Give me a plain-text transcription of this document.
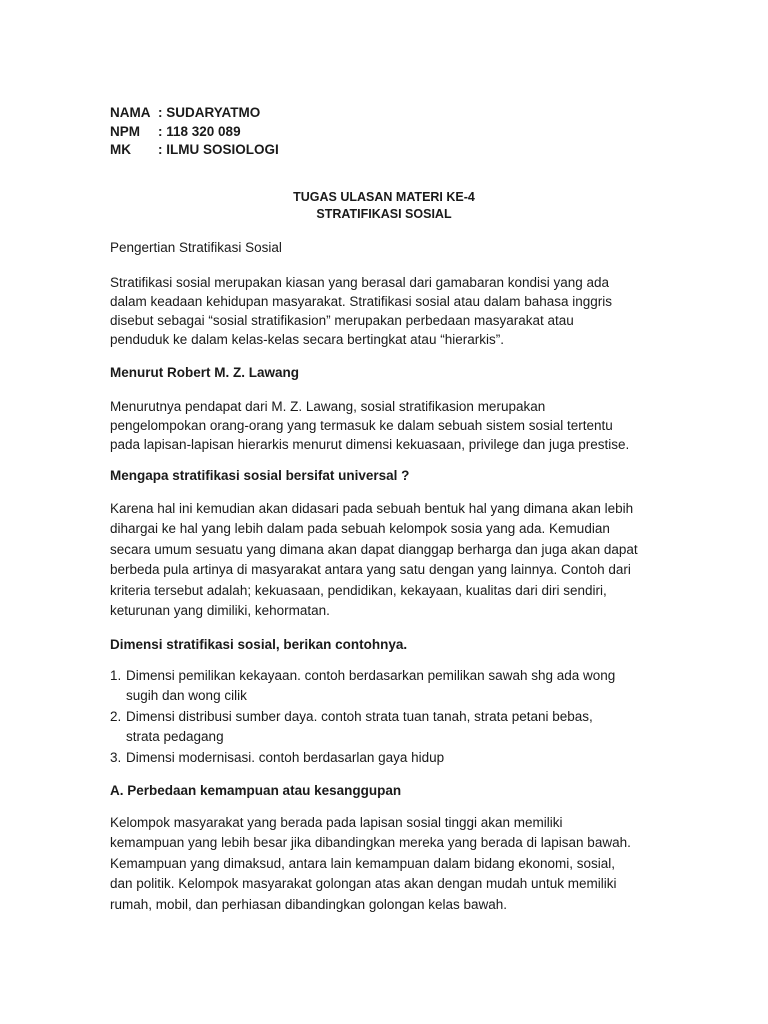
NAMA : SUDARYATMO
NPM : 118 320 089
MK : ILMU SOSIOLOGI
TUGAS ULASAN MATERI KE-4
STRATIFIKASI SOSIAL
Pengertian Stratifikasi Sosial
Stratifikasi sosial merupakan kiasan yang berasal dari gamabaran kondisi yang ada
dalam keadaan kehidupan masyarakat. Stratifikasi sosial atau dalam bahasa inggris
disebut sebagai “sosial stratifikasion” merupakan perbedaan masyarakat atau
penduduk ke dalam kelas-kelas secara bertingkat atau “hierarkis”.
Menurut Robert M. Z. Lawang
Menurutnya pendapat dari M. Z. Lawang, sosial stratifikasion merupakan
pengelompokan orang-orang yang termasuk ke dalam sebuah sistem sosial tertentu
pada lapisan-lapisan hierarkis menurut dimensi kekuasaan, privilege dan juga prestise.
Mengapa stratifikasi sosial bersifat universal ?
Karena hal ini kemudian akan didasari pada sebuah bentuk hal yang dimana akan lebih
dihargai ke hal yang lebih dalam pada sebuah kelompok sosia yang ada. Kemudian
secara umum sesuatu yang dimana akan dapat dianggap berharga dan juga akan dapat
berbeda pula artinya di masyarakat antara yang satu dengan yang lainnya. Contoh dari
kriteria tersebut adalah; kekuasaan, pendidikan, kekayaan, kualitas dari diri sendiri,
keturunan yang dimiliki, kehormatan.
Dimensi stratifikasi sosial, berikan contohnya.
1. Dimensi pemilikan kekayaan. contoh berdasarkan pemilikan sawah shg ada wong
sugih dan wong cilik
2. Dimensi distribusi sumber daya. contoh strata tuan tanah, strata petani bebas,
strata pedagang
3. Dimensi modernisasi. contoh berdasarlan gaya hidup
A. Perbedaan kemampuan atau kesanggupan
Kelompok masyarakat yang berada pada lapisan sosial tinggi akan memiliki
kemampuan yang lebih besar jika dibandingkan mereka yang berada di lapisan bawah.
Kemampuan yang dimaksud, antara lain kemampuan dalam bidang ekonomi, sosial,
dan politik. Kelompok masyarakat golongan atas akan dengan mudah untuk memiliki
rumah, mobil, dan perhiasan dibandingkan golongan kelas bawah.
